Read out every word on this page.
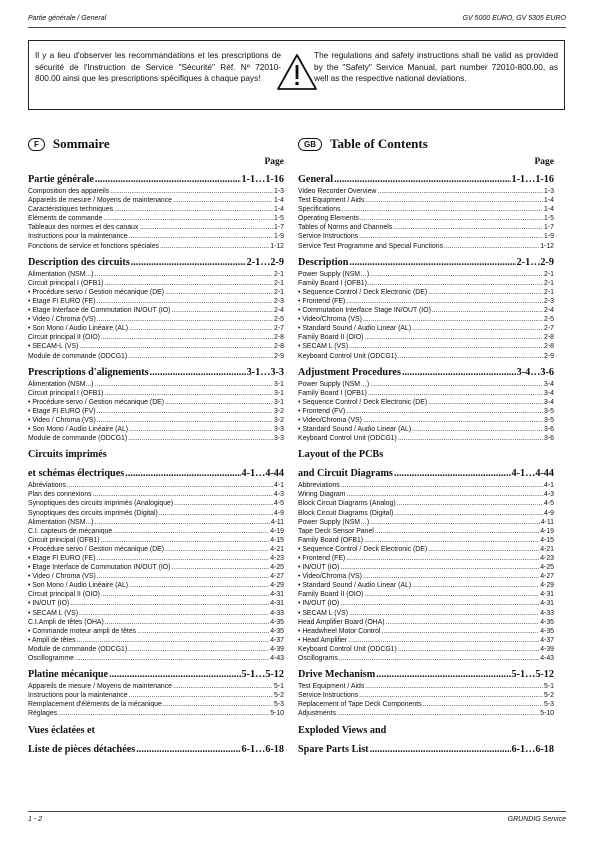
Partie générale / General	GV 5000 EURO, GV 5305 EURO
Il y a lieu d'observer les recommandations et les prescriptions de sécurité de l'Instruction de Service "Sécurité" Réf. Nº 72010-800.00 ainsi que les prescriptions spécifiques à chaque pays!
The regulations and safety instructions shall be valid as provided by the "Safety" Service Manual, part number 72010-800.00, as well as the respective national deviations.
F	Sommaire
Page
Partie générale .....	1-1…1-16
Composition des appareils .....	1-3
Appareils de mesure / Moyens de maintenance .....	1-4
Caractéristiques techniques .....	1-4
Eléments de commande .....	1-5
Tableaux des normes et des canaux .....	1-7
Instructions pour la maintenance .....	1-9
Fonctions de service et fonctions spéciales .....	1-12
Description des circuits .....	2-1…2-9
Alimentation (NSM...) .....	2-1
Circuit principal I (OFB1) .....	2-1
• Procédure servo / Gestion mécanique (DE) .....	2-1
• Etage FI EURO (FE) .....	2-3
• Etage Interface de Commutation IN/OUT (IO) .....	2-4
• Video / Chroma (VS) .....	2-5
• Son Mono / Audio Linéaire (AL) .....	2-7
Circuit principal II (OIO) .....	2-8
• SECAM-L (VS) .....	2-8
Module de commande (ODCG1) .....	2-9
Prescriptions d'alignements .....	3-1…3-3
Alimentation (NSM...) .....	3-1
Circuit principal I (OFB1) .....	3-1
• Procédure servo / Gestion mécanique (DE) .....	3-1
• Etage FI EURO (FV) .....	3-2
• Video / Chroma (VS) .....	3-2
• Son Mono / Audio Linéaire (AL) .....	3-3
Module de commande (ODCG1) .....	3-3
Circuits imprimés
et schémas électriques .....	4-1…4-44
Abréviations .....	4-1
Plan des connexions .....	4-3
Synoptiques des circuits imprimés (Analogique) .....	4-5
Synoptiques des circuits imprimés (Digital) .....	4-9
Alimentation (NSM...) .....	4-11
C.I. capteurs de mécanique .....	4-19
Circuit principal (OFB1) .....	4-15
• Procédure servo / Gestion mécanique (DE) .....	4-21
• Etage FI EURO (FE) .....	4-23
• Etage Interface de Commutation IN/OUT (IO) .....	4-25
• Video / Chroma (VS) .....	4-27
• Son Mono / Audio Linéaire (AL) .....	4-29
Circuit principal II (OIO) .....	4-31
• IN/OUT (IO) .....	4-31
• SECAM L (VS) .....	4-33
C.I.Ampli de têtes (OHA) .....	4-35
• Commande moteur ampli de têtes .....	4-35
• Ampli de têtes .....	4-37
Module de commande (ODCG1) .....	4-39
Oscillogramme .....	4-43
Platine mécanique .....	5-1…5-12
Appareils de mesure / Moyens de maintenance .....	5-1
Instructions pour la maintenance .....	5-2
Remplacement d'éléments de la mécanique .....	5-3
Réglages .....	5-10
Vues éclatées et
Liste de pièces détachées .....	6-1…6-18
GB	Table of Contents
Page
General .....	1-1…1-16
Video Recorder Overview .....	1-3
Test Equipment / Aids .....	1-4
Specifications .....	1-4
Operating Elements .....	1-5
Tables of Norms and Channels .....	1-7
Service Instructions .....	1-9
Service Test Programme and Special Functions .....	1-12
Description .....	2-1…2-9
Power Supply (NSM…) .....	2-1
Family Board I (OFB1) .....	2-1
• Sequence Control / Deck Electronic (DE) .....	2-1
• Frontend (FE) .....	2-3
• Commutation Interface Stage IN/OUT (IO) .....	2-4
• Video/Chroma (VS) .....	2-5
• Standard Sound / Audio Linear (AL) .....	2-7
Family Board II (OIO) .....	2-8
• SECAM L (VS) .....	2-8
Keyboard Control Unit (ODCG1) .....	2-9
Adjustment Procedures .....	3-4…3-6
Power Supply (NSM…) .....	3-4
Family Board I (OFB1) .....	3-4
• Sequence Control / Deck Electronic (DE) .....	3-4
• Frontend (FV) .....	3-5
• Video/Chroma (VS) .....	3-5
• Standard Sound / Audio Linear (AL) .....	3-6
Keyboard Control Unit (ODCG1) .....	3-6
Layout of the PCBs
and Circuit Diagrams .....	4-1…4-44
Abbreviations .....	4-1
Wiring Diagram .....	4-3
Block Circuit Diagrams (Analog) .....	4-5
Block Circuit Diagrams (Digital) .....	4-9
Power Supply (NSM…) .....	4-11
Tape Deck Sensor Panel .....	4-19
Family Board (OFB1) .....	4-15
• Sequence Control / Deck Electronic (DE) .....	4-21
• Frontend (FE) .....	4-23
• IN/OUT (IO) .....	4-25
• Video/Chroma (VS) .....	4-27
• Standard Sound / Audio Linear (AL) .....	4-29
Family Board II (OIO) .....	4-31
• IN/OUT (IO) .....	4-31
• SECAM L (VS) .....	4-33
Head Amplifier Board (OHA) .....	4-35
• Headwheel Motor Control .....	4-35
• Head Amplifier .....	4-37
Keyboard Control Unit (ODCG1) .....	4-39
Oscillograms .....	4-43
Drive Mechanism .....	5-1…5-12
Test Equipment / Aids .....	5-1
Service Instructions .....	5-2
Replacement of Tape Deck Components .....	5-3
Adjustments .....	5-10
Exploded Views and
Spare Parts List .....	6-1…6-18
1 - 2	GRUNDIG Service
